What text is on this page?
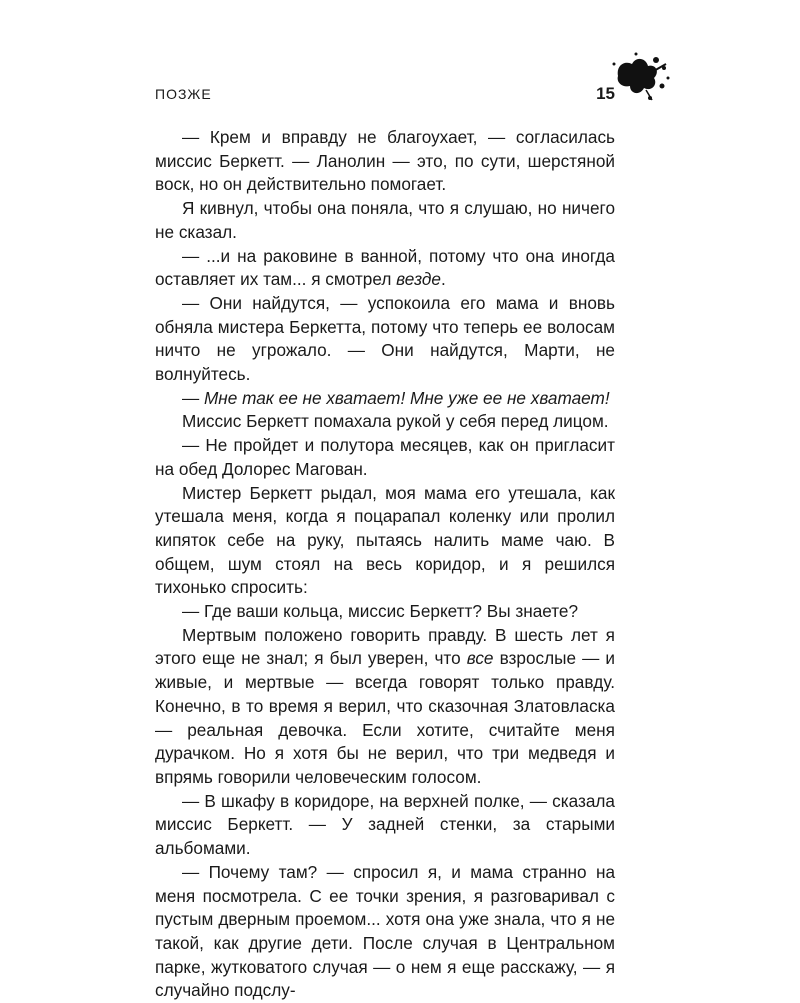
ПОЗЖЕ	15

— Крем и вправду не благоухает, — согласилась миссис Беркетт. — Ланолин — это, по сути, шерстяной воск, но он действительно помогает.

Я кивнул, чтобы она поняла, что я слушаю, но ничего не сказал.

— ...и на раковине в ванной, потому что она иногда оставляет их там... я смотрел везде.

— Они найдутся, — успокоила его мама и вновь обняла мистера Беркетта, потому что теперь ее волосам ничто не угрожало. — Они найдутся, Марти, не волнуйтесь.

— Мне так ее не хватает! Мне уже ее не хватает!

Миссис Беркетт помахала рукой у себя перед лицом.

— Не пройдет и полутора месяцев, как он пригласит на обед Долорес Магован.

Мистер Беркетт рыдал, моя мама его утешала, как утешала меня, когда я поцарапал коленку или пролил кипяток себе на руку, пытаясь налить маме чаю. В общем, шум стоял на весь коридор, и я решился тихонько спросить:

— Где ваши кольца, миссис Беркетт? Вы знаете?

Мертвым положено говорить правду. В шесть лет я этого еще не знал; я был уверен, что все взрослые — и живые, и мертвые — всегда говорят только правду. Конечно, в то время я верил, что сказочная Златовласка — реальная девочка. Если хотите, считайте меня дурачком. Но я хотя бы не верил, что три медведя и впрямь говорили человеческим голосом.

— В шкафу в коридоре, на верхней полке, — сказала миссис Беркетт. — У задней стенки, за старыми альбомами.

— Почему там? — спросил я, и мама странно на меня посмотрела. С ее точки зрения, я разговаривал с пустым дверным проемом... хотя она уже знала, что я не такой, как другие дети. После случая в Центральном парке, жутковатого случая — о нем я еще расскажу, — я случайно подслу-
